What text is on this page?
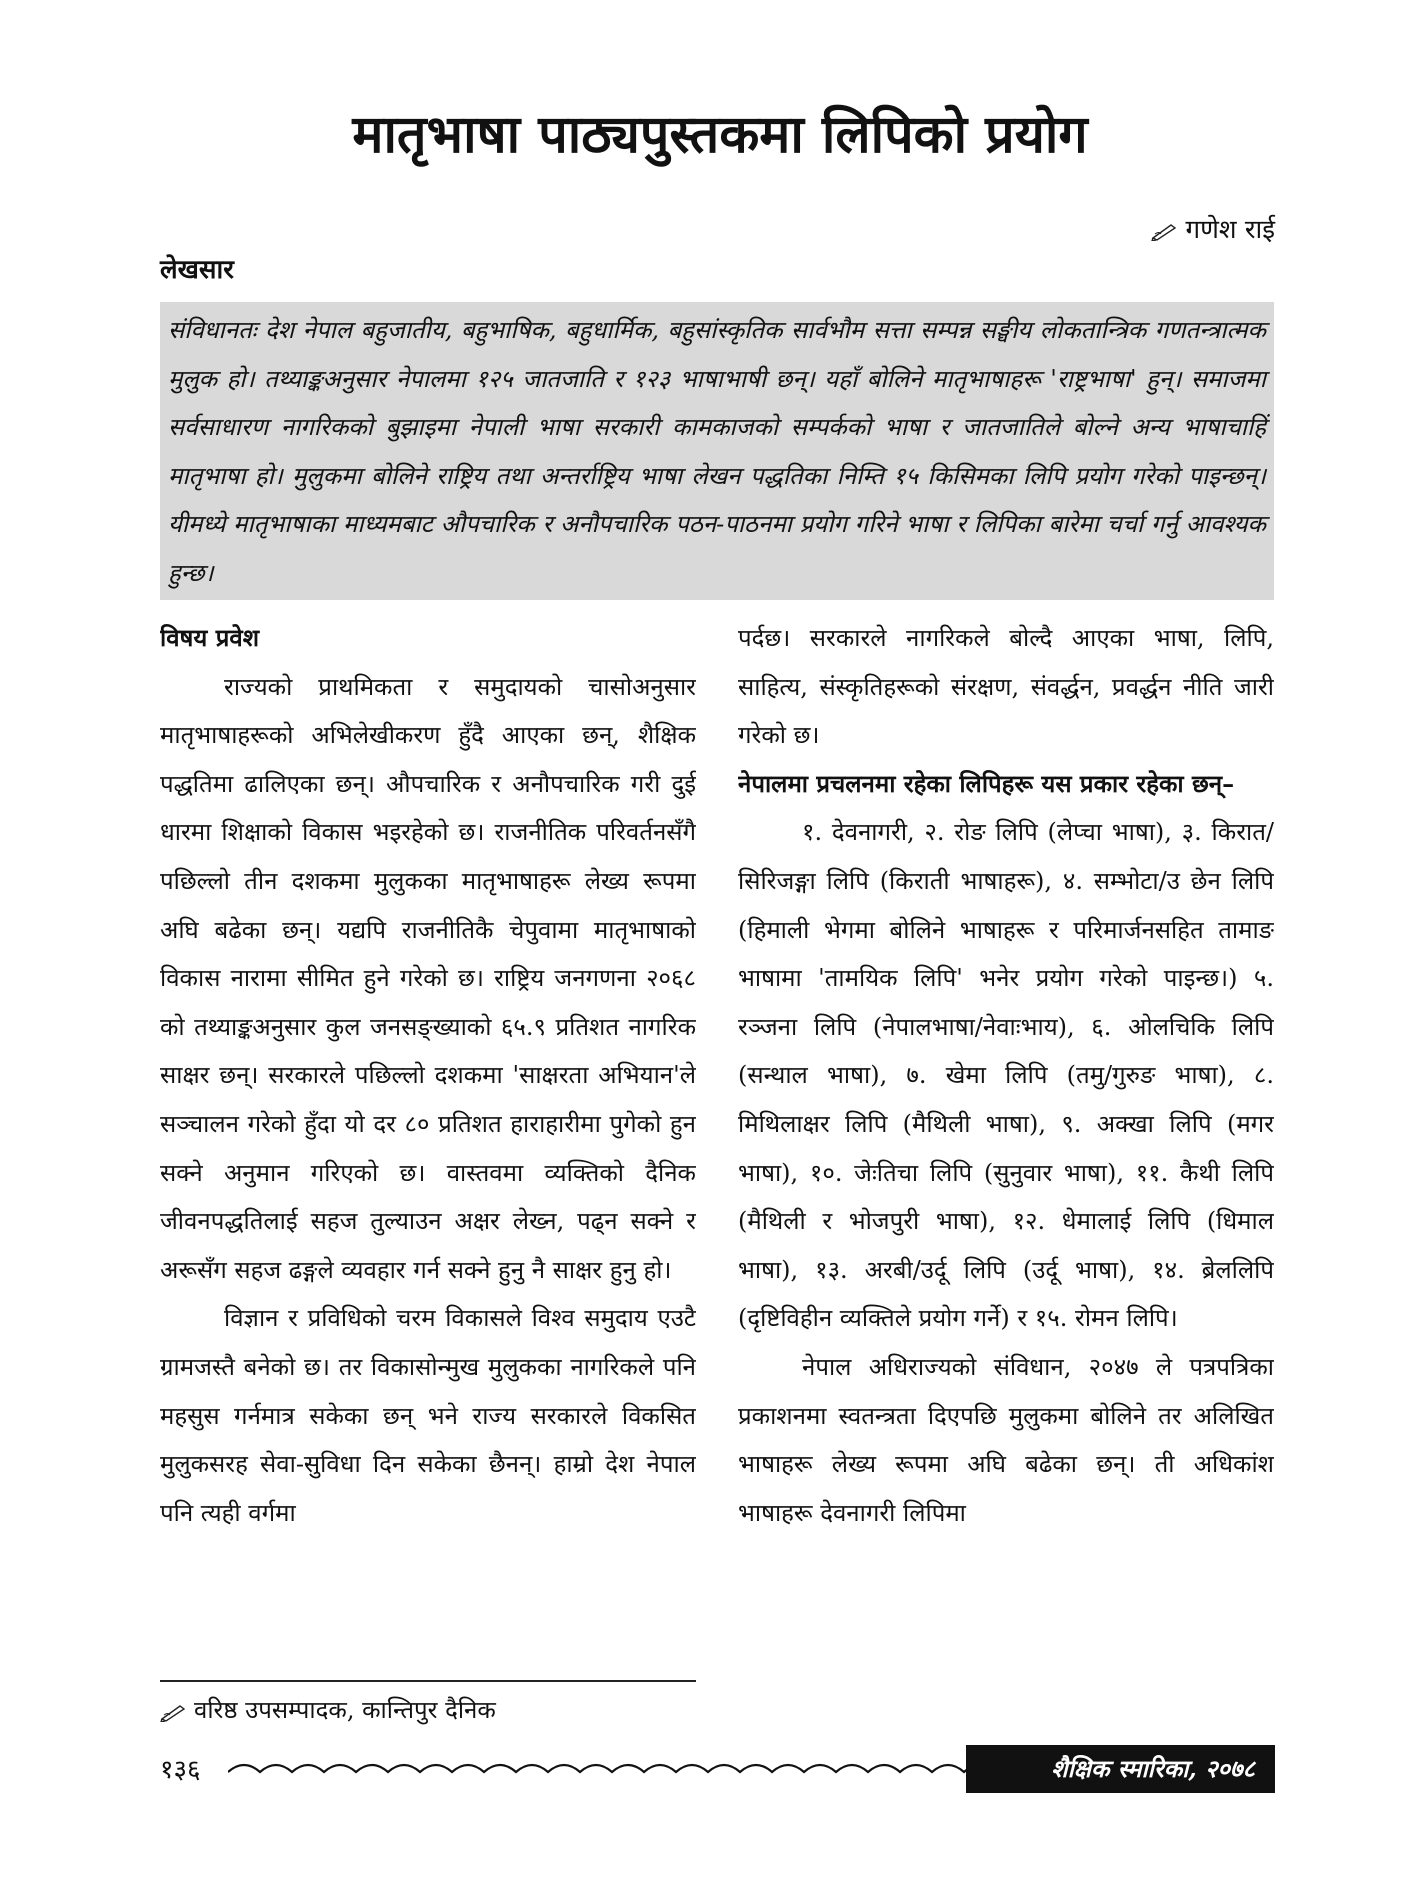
मातृभाषा पाठ्यपुस्तकमा लिपिको प्रयोग
गणेश राई
लेखसार

संविधानतः देश नेपाल बहुजातीय, बहुभाषिक, बहुधार्मिक, बहुसांस्कृतिक सार्वभौम सत्ता सम्पन्न सङ्घीय लोकतान्त्रिक गणतन्त्रात्मक मुलुक हो। तथ्याङ्कअनुसार नेपालमा १२५ जातजाति र १२३ भाषाभाषी छन्। यहाँ बोलिने मातृभाषाहरू 'राष्ट्रभाषा' हुन्। समाजमा सर्वसाधारण नागरिकको बुझाइमा नेपाली भाषा सरकारी कामकाजको सम्पर्कको भाषा र जातजातिले बोल्ने अन्य भाषाचाहिं मातृभाषा हो। मुलुकमा बोलिने राष्ट्रिय तथा अन्तर्राष्ट्रिय भाषा लेखन पद्धतिका निम्ति १५ किसिमका लिपि प्रयोग गरेको पाइन्छन्। यीमध्ये मातृभाषाका माध्यमबाट औपचारिक र अनौपचारिक पठन-पाठनमा प्रयोग गरिने भाषा र लिपिका बारेमा चर्चा गर्नु आवश्यक हुन्छ।

विषय प्रवेश

राज्यको प्राथमिकता र समुदायको चासोअनुसार मातृभाषाहरूको अभिलेखीकरण हुँदै आएका छन्, शैक्षिक पद्धतिमा ढालिएका छन्। औपचारिक र अनौपचारिक गरी दुई धारमा शिक्षाको विकास भइरहेको छ। राजनीतिक परिवर्तनसँगै पछिल्लो तीन दशकमा मुलुकका मातृभाषाहरू लेख्य रूपमा अघि बढेका छन्। यद्यपि राजनीतिकै चेपुवामा मातृभाषाको विकास नारामा सीमित हुने गरेको छ। राष्ट्रिय जनगणना २०६८ को तथ्याङ्कअनुसार कुल जनसङ्ख्याको ६५.९ प्रतिशत नागरिक साक्षर छन्। सरकारले पछिल्लो दशकमा 'साक्षरता अभियान'ले सञ्चालन गरेको हुँदा यो दर ८० प्रतिशत हाराहारीमा पुगेको हुन सक्ने अनुमान गरिएको छ। वास्तवमा व्यक्तिको दैनिक जीवनपद्धतिलाई सहज तुल्याउन अक्षर लेख्न, पढ्न सक्ने र अरूसँग सहज ढङ्गले व्यवहार गर्न सक्ने हुनु नै साक्षर हुनु हो।

विज्ञान र प्रविधिको चरम विकासले विश्व समुदाय एउटै ग्रामजस्तै बनेको छ। तर विकासोन्मुख मुलुकका नागरिकले पनि महसुस गर्नमात्र सकेका छन् भने राज्य सरकारले विकसित मुलुकसरह सेवा-सुविधा दिन सकेका छैनन्। हाम्रो देश नेपाल पनि त्यही वर्गमा

पर्दछ। सरकारले नागरिकले बोल्दै आएका भाषा, लिपि, साहित्य, संस्कृतिहरूको संरक्षण, संवर्द्धन, प्रवर्द्धन नीति जारी गरेको छ।

नेपालमा प्रचलनमा रहेका लिपिहरू यस प्रकार रहेका छन्–

१. देवनागरी, २. रोङ लिपि (लेप्चा भाषा), ३. किरात/सिरिजङ्गा लिपि (किराती भाषाहरू), ४. सम्भोटा/उ छेन लिपि (हिमाली भेगमा बोलिने भाषाहरू र परिमार्जनसहित तामाङ भाषामा 'तामयिक लिपि' भनेर प्रयोग गरेको पाइन्छ।) ५. रञ्जना लिपि (नेपालभाषा/नेवाःभाय), ६. ओलचिकि लिपि (सन्थाल भाषा), ७. खेमा लिपि (तमु/गुरुङ भाषा), ८. मिथिलाक्षर लिपि (मैथिली भाषा), ९. अक्खा लिपि (मगर भाषा), १०. जेःतिचा लिपि (सुनुवार भाषा), ११. कैथी लिपि (मैथिली र भोजपुरी भाषा), १२. धेमालाई लिपि (धिमाल भाषा), १३. अरबी/उर्दू लिपि (उर्दू भाषा), १४. ब्रेललिपि (दृष्टिविहीन व्यक्तिले प्रयोग गर्ने) र १५. रोमन लिपि।

नेपाल अधिराज्यको संविधान, २०४७ ले पत्रपत्रिका प्रकाशनमा स्वतन्त्रता दिएपछि मुलुकमा बोलिने तर अलिखित भाषाहरू लेख्य रूपमा अघि बढेका छन्। ती अधिकांश भाषाहरू देवनागरी लिपिमा

वरिष्ठ उपसम्पादक, कान्तिपुर दैनिक
१३६	शैक्षिक स्मारिका, २०७८
